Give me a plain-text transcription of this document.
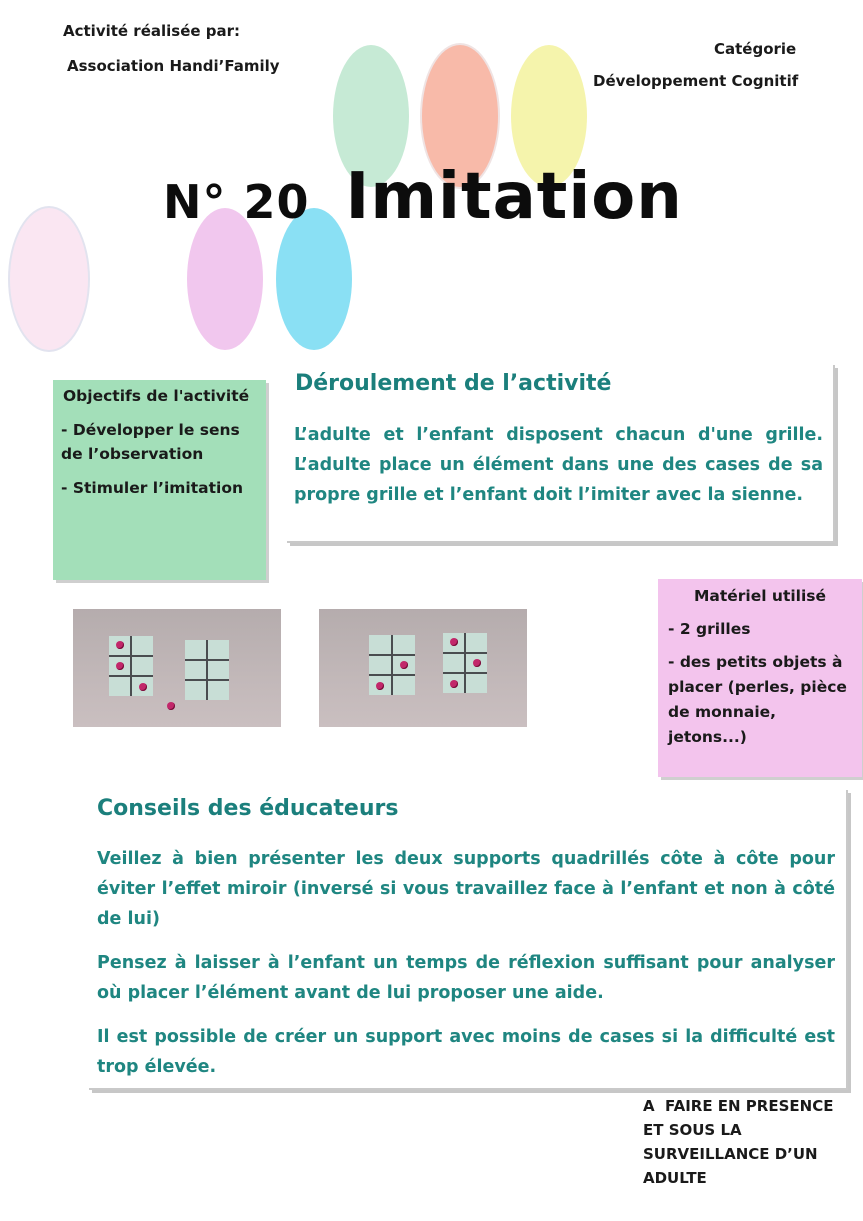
Activité réalisée par:
Association Handi’Family
Catégorie
Développement Cognitif
N° 20 Imitation
Déroulement de l’activité
L’adulte et l’enfant disposent chacun d'une grille. L’adulte place un élément dans une des cases de sa propre grille et l’enfant doit l’imiter avec la sienne.
Objectifs de l'activité
- Développer le sens de l’observation
- Stimuler l’imitation
Matériel utilisé
- 2 grilles
- des petits objets à placer (perles, pièce de monnaie, jetons...)
Conseils des éducateurs
Veillez à bien présenter les deux supports quadrillés côte à côte pour éviter l’effet miroir (inversé si vous travaillez face à l’enfant et non à côté de lui)
Pensez à laisser à l’enfant un temps de réflexion suffisant pour analyser où placer l’élément avant de lui proposer une aide.
Il est possible de créer un support avec moins de cases si la difficulté est trop élevée.
A  FAIRE EN PRESENCE
ET SOUS LA
SURVEILLANCE D’UN
ADULTE
